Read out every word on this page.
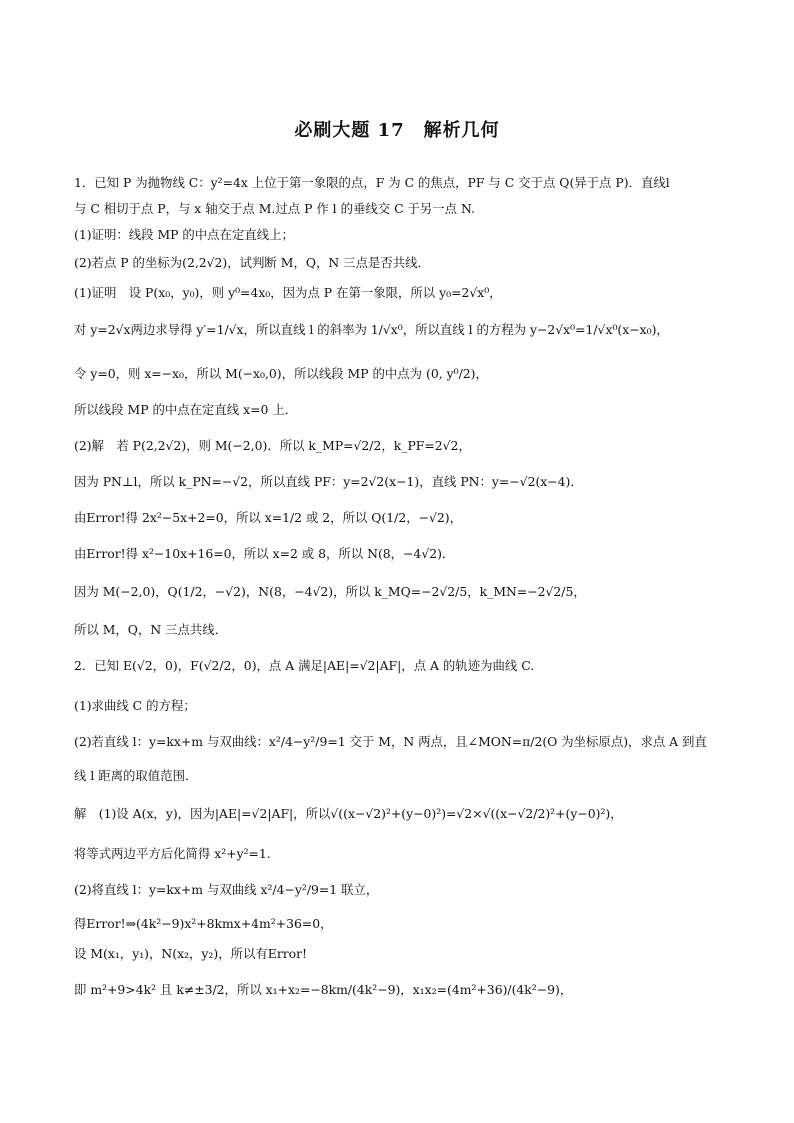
必刷大题 17　解析几何
1．已知 P 为抛物线 C：y²=4x 上位于第一象限的点，F 为 C 的焦点，PF 与 C 交于点 Q(异于点 P)．直线l
与 C 相切于点 P，与 x 轴交于点 M.过点 P 作 l 的垂线交 C 于另一点 N.
(1)证明：线段 MP 的中点在定直线上；
(2)若点 P 的坐标为(2,2√2)，试判断 M，Q，N 三点是否共线．
(1)证明　设 P(x₀，y₀)，则 y⁰=4x₀，因为点 P 在第一象限，所以 y₀=2√x⁰，
对 y=2√x两边求导得 y′=1/√x，所以直线 l 的斜率为 1/√x⁰，所以直线 l 的方程为 y−2√x⁰=1/√x⁰(x−x₀)，
令 y=0，则 x=−x₀，所以 M(−x₀,0)，所以线段 MP 的中点为 (0, y⁰/2)，
所以线段 MP 的中点在定直线 x=0 上．
(2)解　若 P(2,2√2)，则 M(−2,0)．所以 k_MP=√2/2，k_PF=2√2，
因为 PN⊥l，所以 k_PN=−√2，所以直线 PF：y=2√2(x−1)，直线 PN：y=−√2(x−4)．
由Error!得 2x²−5x+2=0，所以 x=1/2 或 2，所以 Q(1/2，−√2)，
由Error!得 x²−10x+16=0，所以 x=2 或 8，所以 N(8，−4√2)．
因为 M(−2,0)，Q(1/2，−√2)，N(8，−4√2)，所以 k_MQ=−2√2/5，k_MN=−2√2/5，
所以 M，Q，N 三点共线．
2．已知 E(√2，0)，F(√2/2，0)，点 A 满足|AE|=√2|AF|，点 A 的轨迹为曲线 C.
(1)求曲线 C 的方程；
(2)若直线 l：y=kx+m 与双曲线：x²/4−y²/9=1 交于 M，N 两点，且∠MON=π/2(O 为坐标原点)，求点 A 到直
线 l 距离的取值范围．
解　(1)设 A(x，y)，因为|AE|=√2|AF|，所以√((x−√2)²+(y−0)²)=√2×√((x−√2/2)²+(y−0)²)，
将等式两边平方后化简得 x²+y²=1.
(2)将直线 l：y=kx+m 与双曲线 x²/4−y²/9=1 联立，
得Error!⇒(4k²−9)x²+8kmx+4m²+36=0，
设 M(x₁，y₁)，N(x₂，y₂)，所以有Error!
即 m²+9>4k² 且 k≠±3/2，所以 x₁+x₂=−8km/(4k²−9)，x₁x₂=(4m²+36)/(4k²−9)，
